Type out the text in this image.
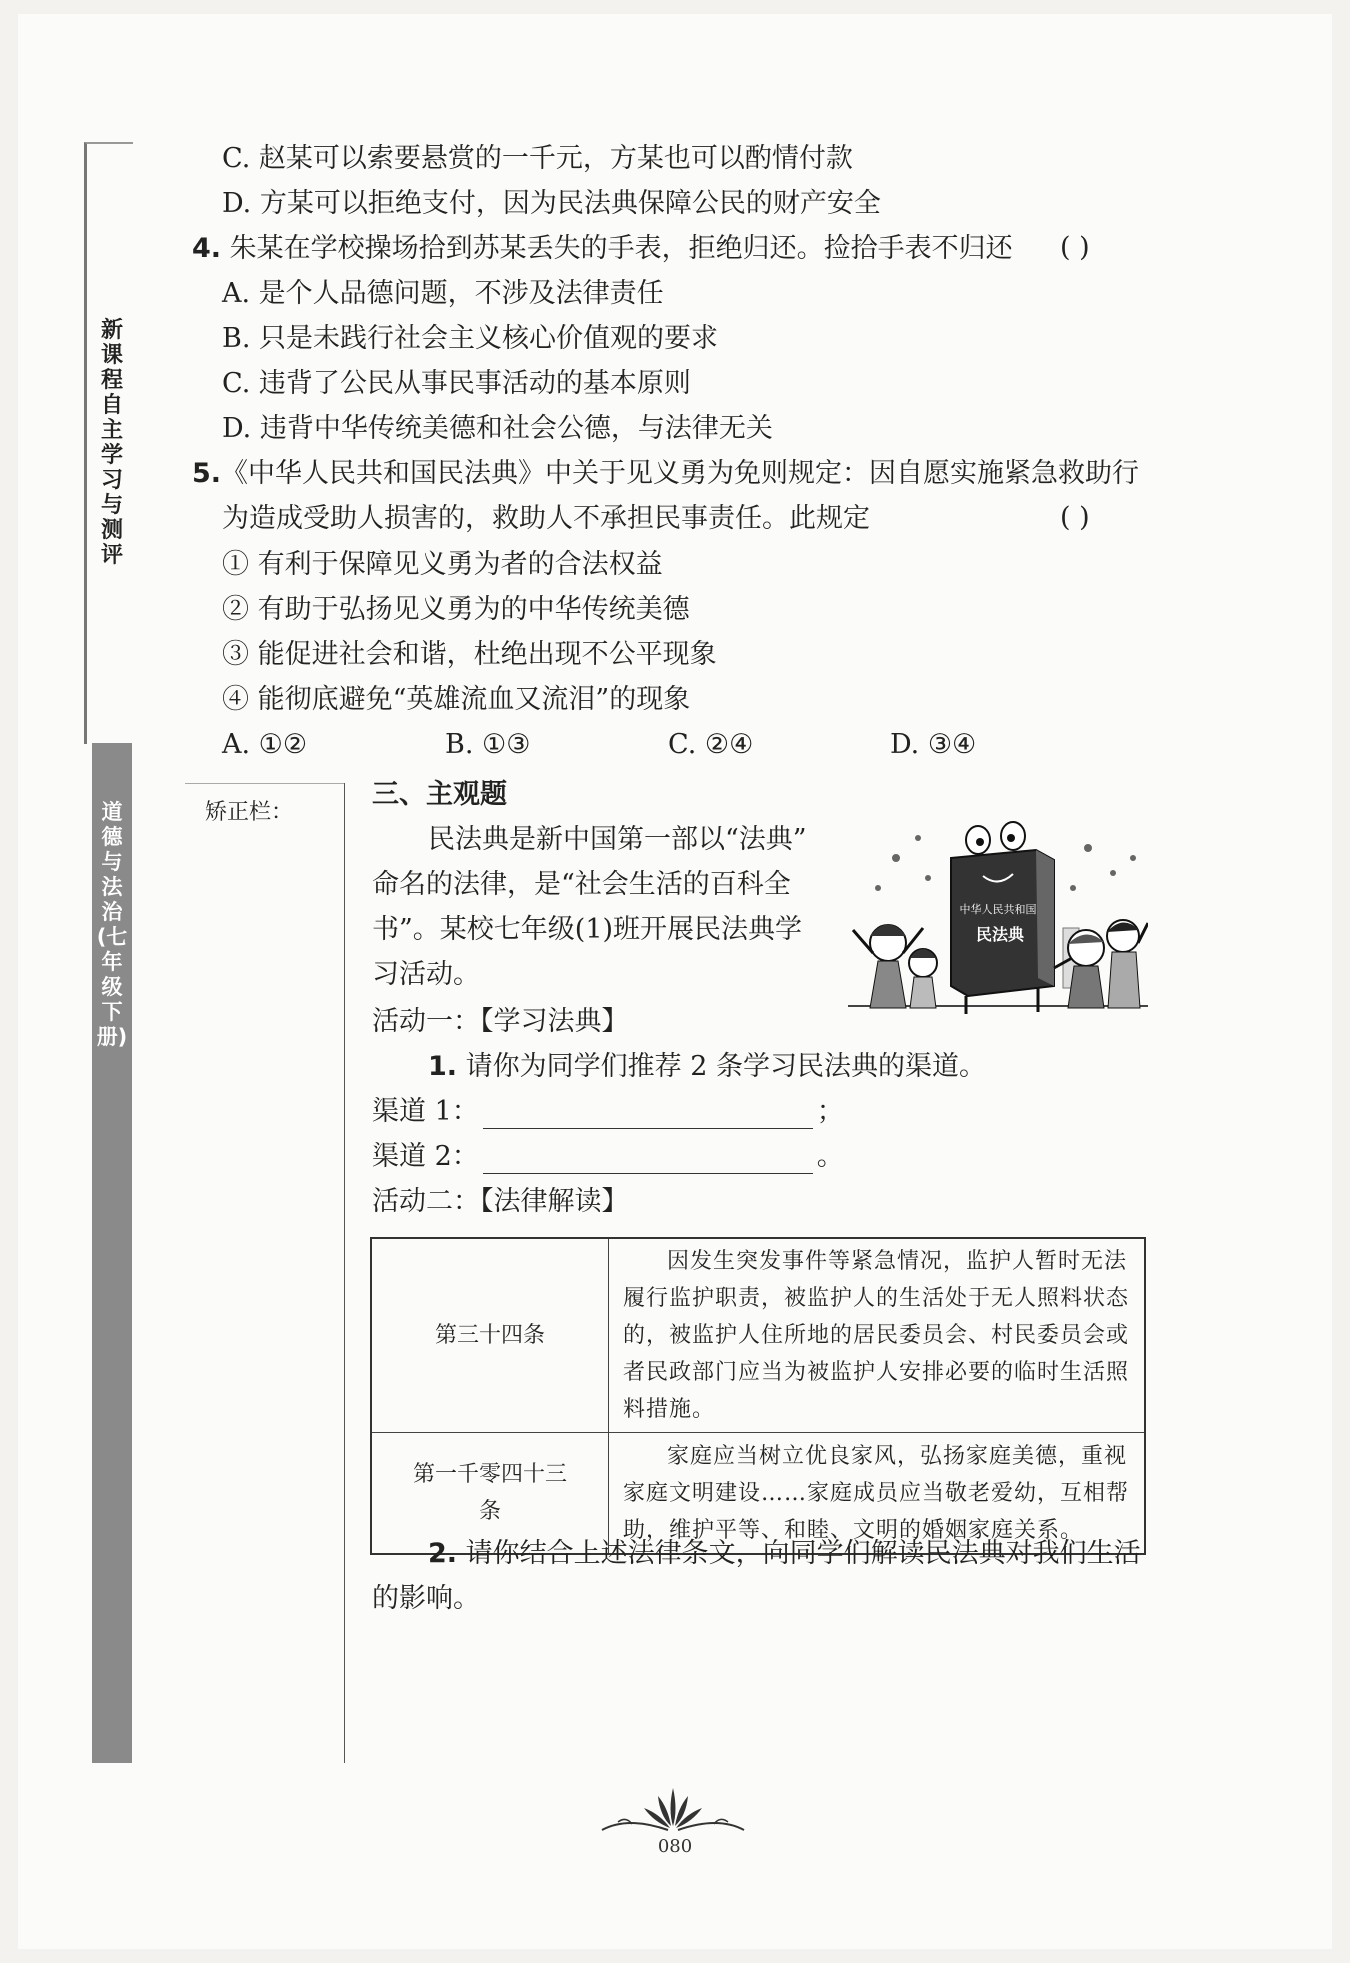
新课程自主学习与测评
道德与法治(七年级下册)
C. 赵某可以索要悬赏的一千元，方某也可以酌情付款
D. 方某可以拒绝支付，因为民法典保障公民的财产安全
4. 朱某在学校操场拾到苏某丢失的手表，拒绝归还。捡拾手表不归还 ( )
A. 是个人品德问题，不涉及法律责任
B. 只是未践行社会主义核心价值观的要求
C. 违背了公民从事民事活动的基本原则
D. 违背中华传统美德和社会公德，与法律无关
5.《中华人民共和国民法典》中关于见义勇为免则规定：因自愿实施紧急救助行
为造成受助人损害的，救助人不承担民事责任。此规定	( )
① 有利于保障见义勇为者的合法权益
② 有助于弘扬见义勇为的中华传统美德
③ 能促进社会和谐，杜绝出现不公平现象
④ 能彻底避免“英雄流血又流泪”的现象
A. ①②	B. ①③	C. ②④	D. ③④
矫正栏：
三、主观题
民法典是新中国第一部以“法典”
命名的法律，是“社会生活的百科全
书”。某校七年级(1)班开展民法典学
习活动。
中华人民共和国
民法典
活动一：【学习法典】
1. 请你为同学们推荐 2 条学习民法典的渠道。
渠道 1：	；
渠道 2：	。
活动二：【法律解读】
第三十四条	因发生突发事件等紧急情况，监护人暂时无法履行监护职责，被监护人的生活处于无人照料状态的，被监护人住所地的居民委员会、村民委员会或者民政部门应当为被监护人安排必要的临时生活照料措施。
第一千零四十三条	家庭应当树立优良家风，弘扬家庭美德，重视家庭文明建设……家庭成员应当敬老爱幼，互相帮助，维护平等、和睦、文明的婚姻家庭关系。
2. 请你结合上述法律条文，向同学们解读民法典对我们生活
的影响。
080
